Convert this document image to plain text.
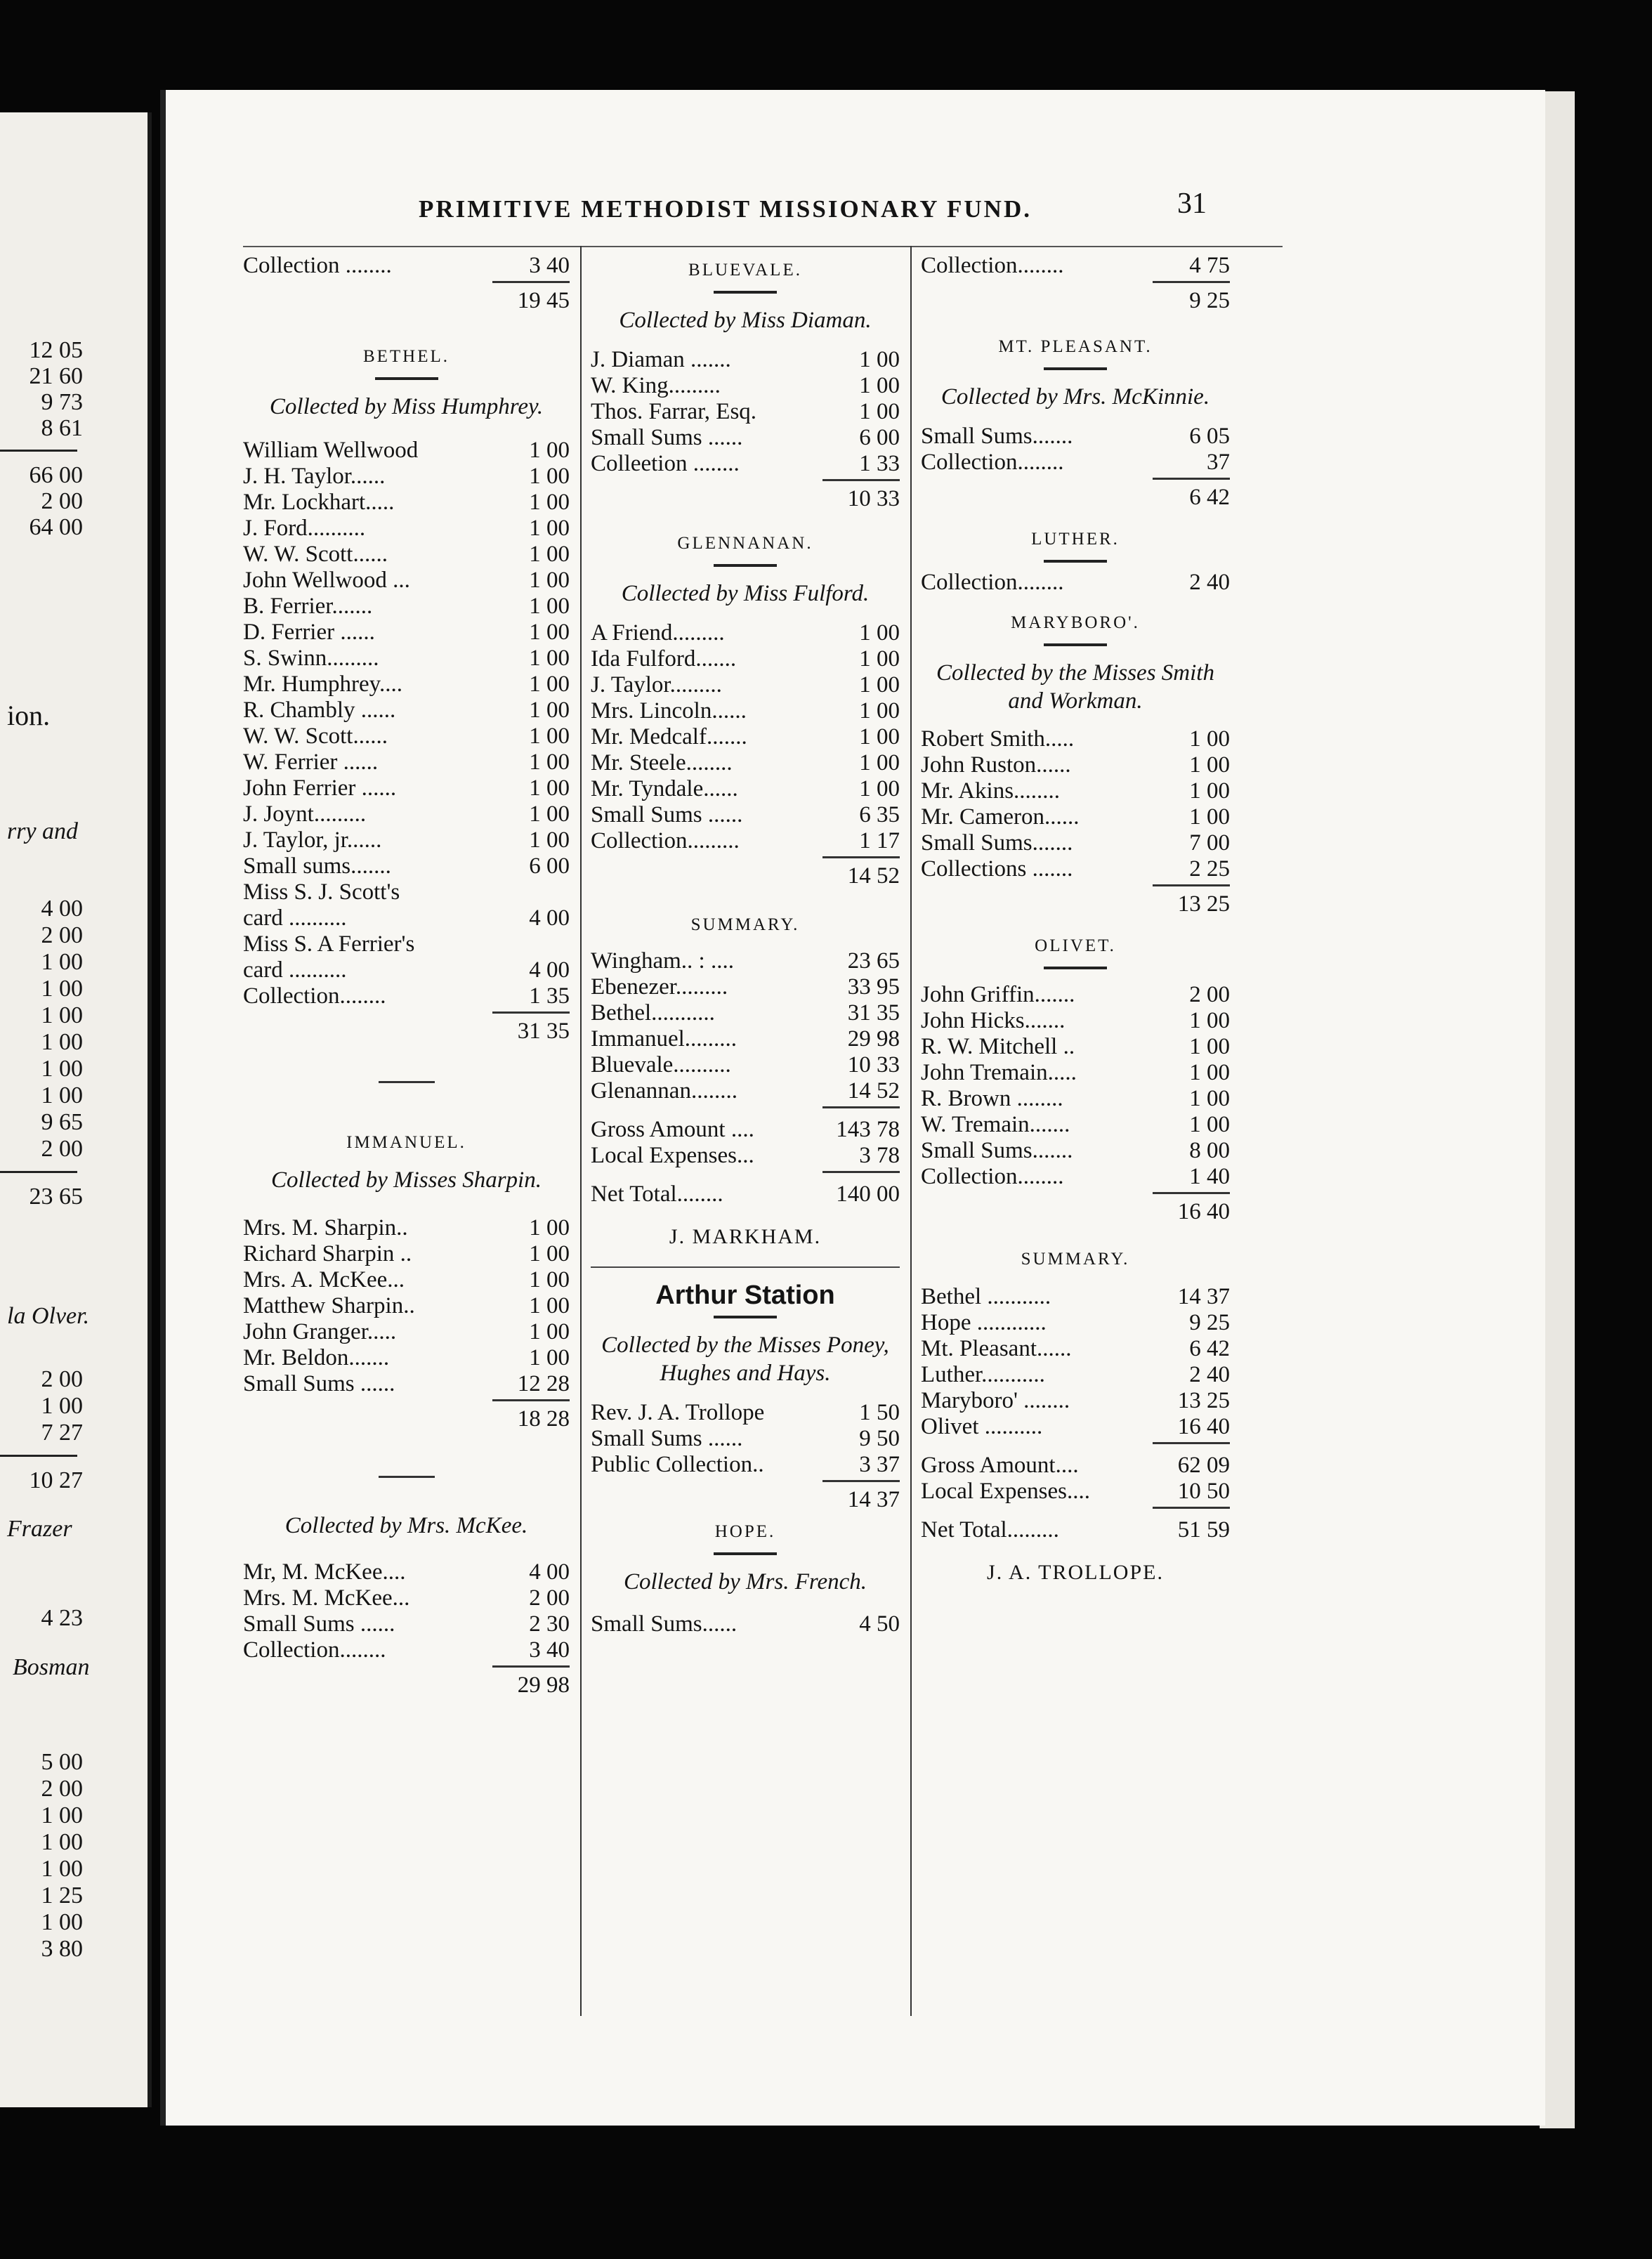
12 05
21 60
9 73
8 61
66 00
2 00
64 00
ion.
rry and
4 00
2 00
1 00
1 00
1 00
1 00
1 00
1 00
9 65
2 00
23 65
la Olver.
2 00
1 00
7 27
10 27
Frazer
4 23
Bosman
5 00
2 00
1 00
1 00
1 00
1 25
1 00
3 80
PRIMITIVE METHODIST MISSIONARY FUND.	31
Collection ........	3 40
19 45
BETHEL.
Collected by Miss Humphrey.
William Wellwood	1 00
J. H. Taylor......	1 00
Mr. Lockhart.....	1 00
J. Ford..........	1 00
W. W. Scott......	1 00
John Wellwood ...	1 00
B. Ferrier.......	1 00
D. Ferrier ......	1 00
S. Swinn.........	1 00
Mr. Humphrey....	1 00
R. Chambly ......	1 00
W. W. Scott......	1 00
W. Ferrier ......	1 00
John Ferrier ......	1 00
J. Joynt.........	1 00
J. Taylor, jr......	1 00
Small sums.......	6 00
Miss S. J. Scott's
card ..........	4 00
Miss S. A Ferrier's
card ..........	4 00
Collection........	1 35
31 35
IMMANUEL.
Collected by Misses Sharpin.
Mrs. M. Sharpin..	1 00
Richard Sharpin ..	1 00
Mrs. A. McKee...	1 00
Matthew Sharpin..	1 00
John Granger.....	1 00
Mr. Beldon.......	1 00
Small Sums ......	12 28
18 28
Collected by Mrs. McKee.
Mr, M. McKee....	4 00
Mrs. M. McKee...	2 00
Small Sums ......	2 30
Collection........	3 40
29 98
BLUEVALE.
Collected by Miss Diaman.
J. Diaman .......	1 00
W. King.........	1 00
Thos. Farrar, Esq.	1 00
Small Sums ......	6 00
Colleetion ........	1 33
10 33
GLENNANAN.
Collected by Miss Fulford.
A Friend.........	1 00
Ida Fulford.......	1 00
J. Taylor.........	1 00
Mrs. Lincoln......	1 00
Mr. Medcalf.......	1 00
Mr. Steele........	1 00
Mr. Tyndale......	1 00
Small Sums ......	6 35
Collection.........	1 17
14 52
SUMMARY.
Wingham.. : ....	23 65
Ebenezer.........	33 95
Bethel...........	31 35
Immanuel.........	29 98
Bluevale..........	10 33
Glenannan........	14 52
Gross Amount ....	143 78
Local Expenses...	3 78
Net Total........	140 00
J. MARKHAM.
Arthur Station
Collected by the Misses Poney, Hughes and Hays.
Rev. J. A. Trollope	1 50
Small Sums ......	9 50
Public Collection..	3 37
14 37
HOPE.
Collected by Mrs. French.
Small Sums......	4 50
Collection........	4 75
9 25
MT. PLEASANT.
Collected by Mrs. McKinnie.
Small Sums.......	6 05
Collection........	37
6 42
LUTHER.
Collection........	2 40
MARYBORO'.
Collected by the Misses Smith and Workman.
Robert Smith.....	1 00
John Ruston......	1 00
Mr. Akins........	1 00
Mr. Cameron......	1 00
Small Sums.......	7 00
Collections .......	2 25
13 25
OLIVET.
John Griffin.......	2 00
John Hicks.......	1 00
R. W. Mitchell ..	1 00
John Tremain.....	1 00
R. Brown ........	1 00
W. Tremain.......	1 00
Small Sums.......	8 00
Collection........	1 40
16 40
SUMMARY.
Bethel ...........	14 37
Hope ............	9 25
Mt. Pleasant......	6 42
Luther...........	2 40
Maryboro' ........	13 25
Olivet ..........	16 40
Gross Amount....	62 09
Local Expenses....	10 50
Net Total.........	51 59
J. A. TROLLOPE.
